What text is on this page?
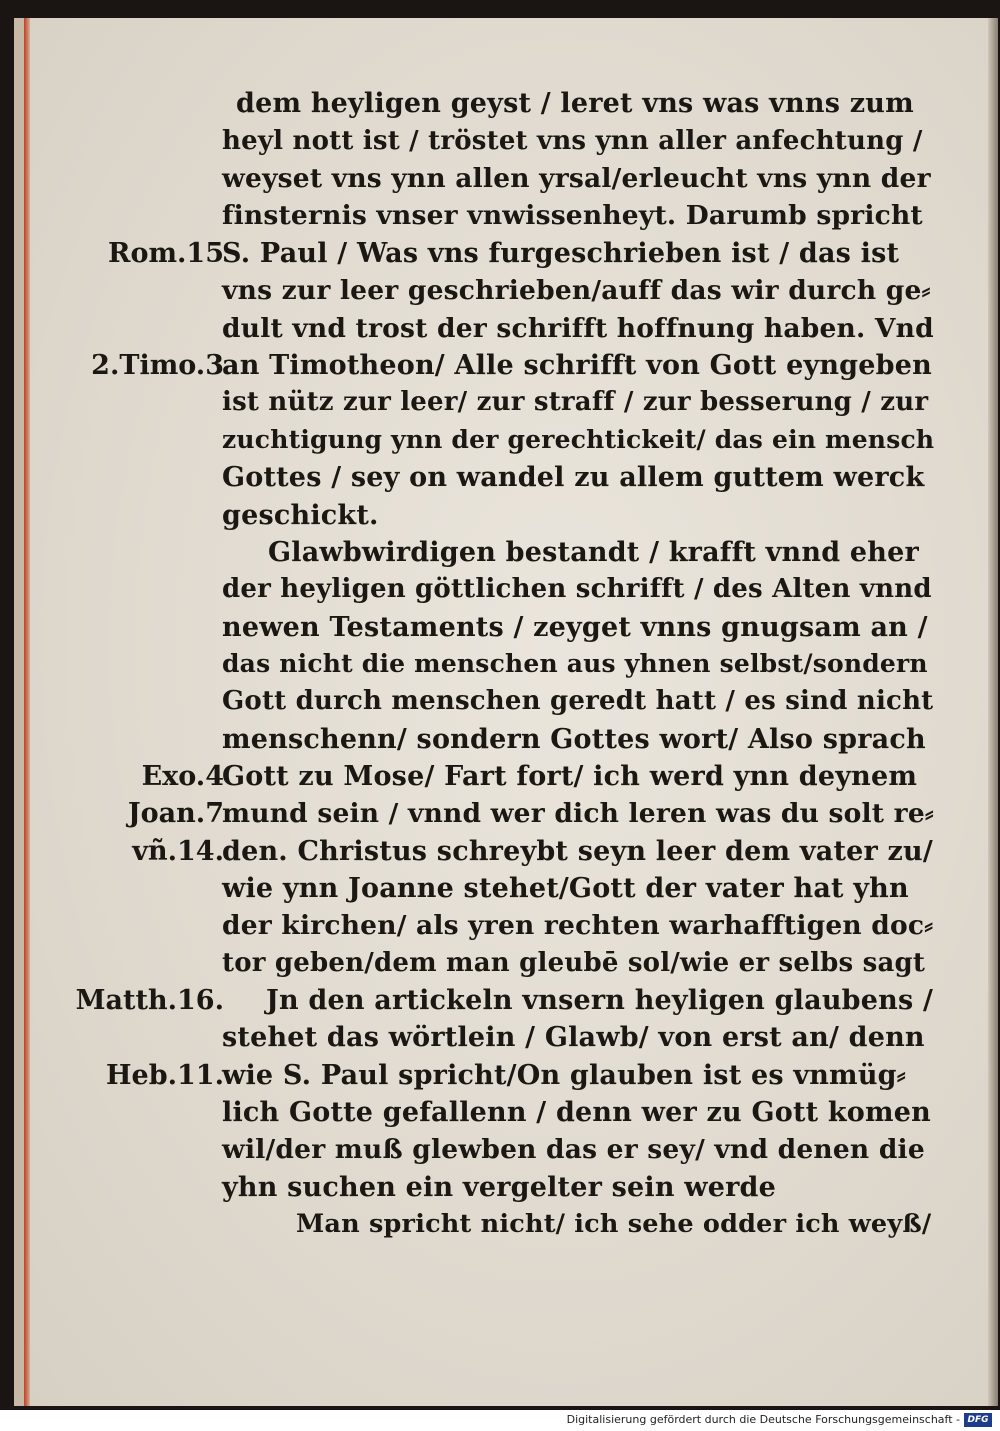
dem heyligen geyst / leret vns was vnns zum
heyl nott ist / tröstet vns ynn aller anfechtung /
weyset vns ynn allen yrsal/erleucht vns ynn der
finsternis vnser vnwissenheyt. Darumb spricht
S. Paul / Was vns furgeschrieben ist / das ist
vns zur leer geschrieben/auff das wir durch ge⸗
dult vnd trost der schrifft hoffnung haben. Vnd
an Timotheon/ Alle schrifft von Gott eyngeben
ist nütz zur leer/ zur straff / zur besserung / zur
zuchtigung ynn der gerechtickeit/ das ein mensch
Gottes / sey on wandel zu allem guttem werck
geschickt.
Glawbwirdigen bestandt / krafft vnnd eher
der heyligen göttlichen schrifft / des Alten vnnd
newen Testaments / zeyget vnns gnugsam an /
das nicht die menschen aus yhnen selbst/sondern
Gott durch menschen geredt hatt / es sind nicht
menschenn/ sondern Gottes wort/ Also sprach
Gott zu Mose/ Fart fort/ ich werd ynn deynem
mund sein / vnnd wer dich leren was du solt re⸗
den. Christus schreybt seyn leer dem vater zu/
wie ynn Joanne stehet/Gott der vater hat yhn
der kirchen/ als yren rechten warhafftigen doc⸗
tor geben/dem man gleubē sol/wie er selbs sagt
Jn den artickeln vnsern heyligen glaubens /
stehet das wörtlein / Glawb/ von erst an/ denn
wie S. Paul spricht/On glauben ist es vnmüg⸗
lich Gotte gefallenn / denn wer zu Gott komen
wil/der muß glewben das er sey/ vnd denen die
yhn suchen ein vergelter sein werde
Man spricht nicht/ ich sehe odder ich weyß/
Rom.15
2.Timo.3
Exo.4
Joan.7
vñ.14.
Matth.16.
Heb.11.
Digitalisierung gefördert durch die Deutsche Forschungsgemeinschaft - DFG
